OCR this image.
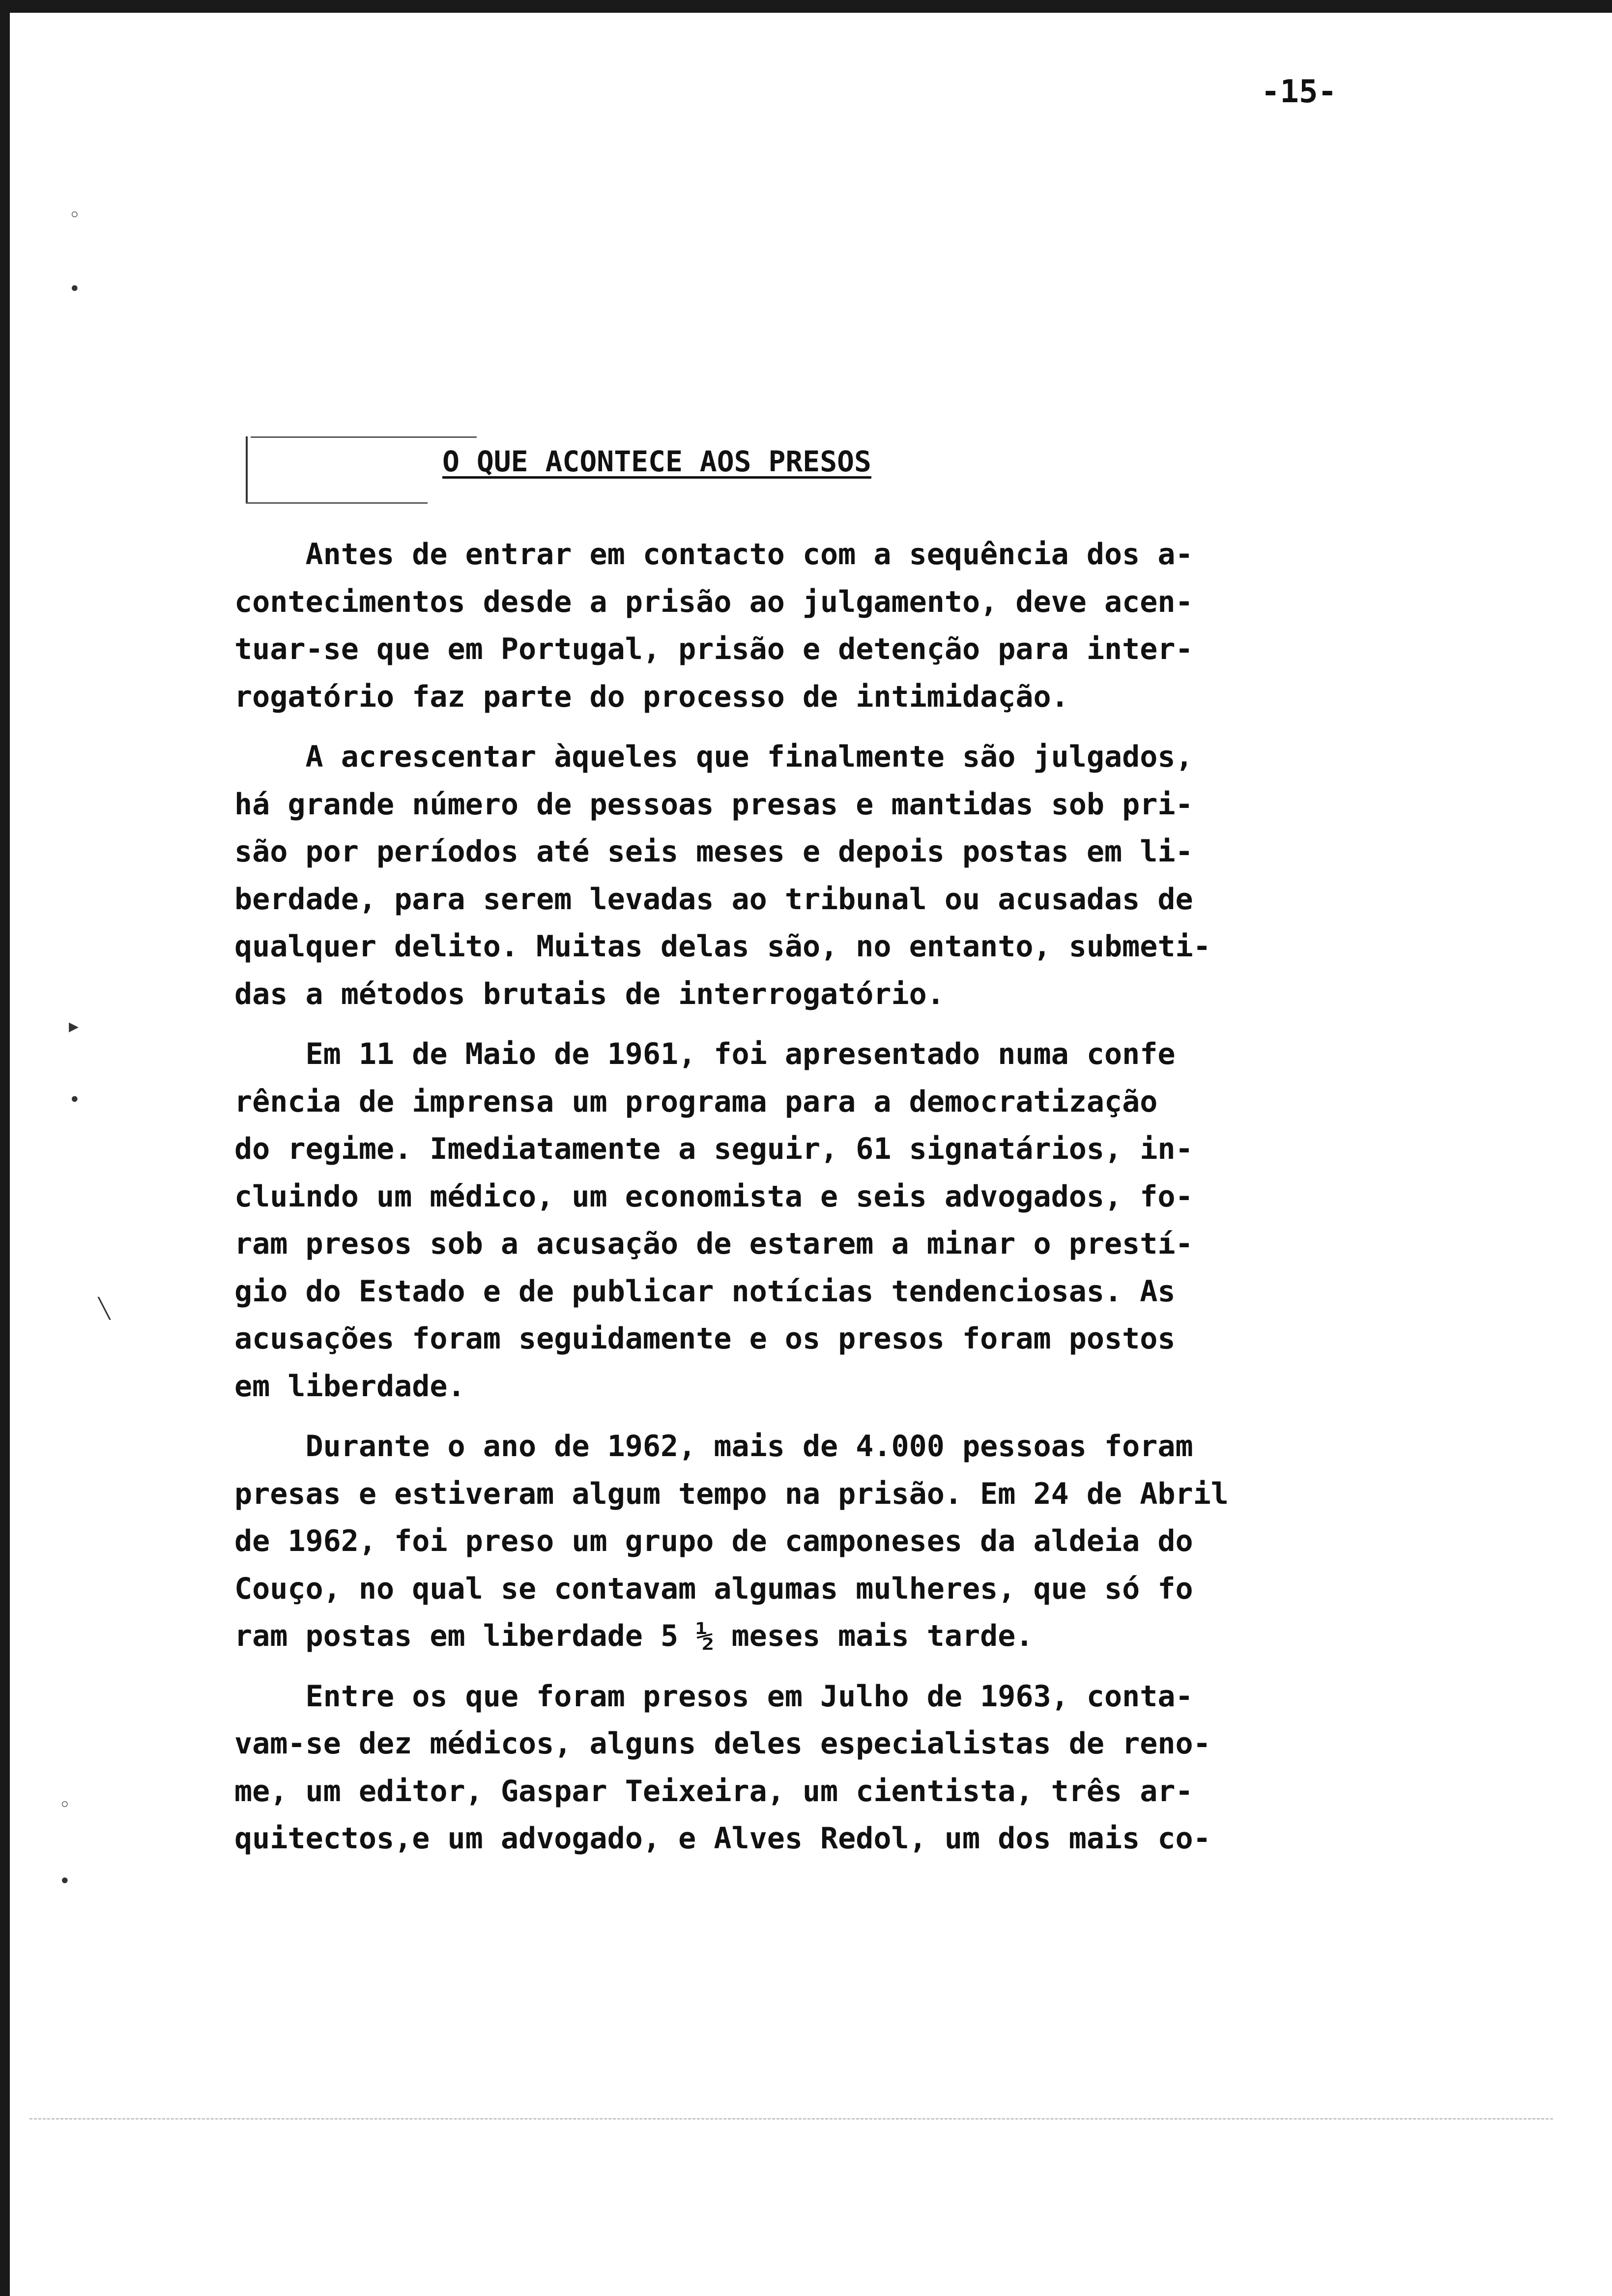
-15-
O QUE ACONTECE AOS PRESOS
◦
•
▸
•
╲
◦
•
Antes de entrar em contacto com a sequência dos a-
contecimentos desde a prisão ao julgamento, deve acen-
tuar-se que em Portugal, prisão e detenção para inter-
rogatório faz parte do processo de intimidação.
A acrescentar àqueles que finalmente são julgados,
há grande número de pessoas presas e mantidas sob pri-
são por períodos até seis meses e depois postas em li-
berdade, para serem levadas ao tribunal ou acusadas de
qualquer delito. Muitas delas são, no entanto, submeti-
das a métodos brutais de interrogatório.
Em 11 de Maio de 1961, foi apresentado numa confe
rência de imprensa um programa para a democratização
do regime. Imediatamente a seguir, 61 signatários, in-
cluindo um médico, um economista e seis advogados, fo-
ram presos sob a acusação de estarem a minar o prestí-
gio do Estado e de publicar notícias tendenciosas. As
acusações foram seguidamente e os presos foram postos
em liberdade.
Durante o ano de 1962, mais de 4.000 pessoas foram
presas e estiveram algum tempo na prisão. Em 24 de Abril
de 1962, foi preso um grupo de camponeses da aldeia do
Couço, no qual se contavam algumas mulheres, que só fo
ram postas em liberdade 5 ½ meses mais tarde.
Entre os que foram presos em Julho de 1963, conta-
vam-se dez médicos, alguns deles especialistas de reno-
me, um editor, Gaspar Teixeira, um cientista, três ar-
quitectos,e um advogado, e Alves Redol, um dos mais co-
